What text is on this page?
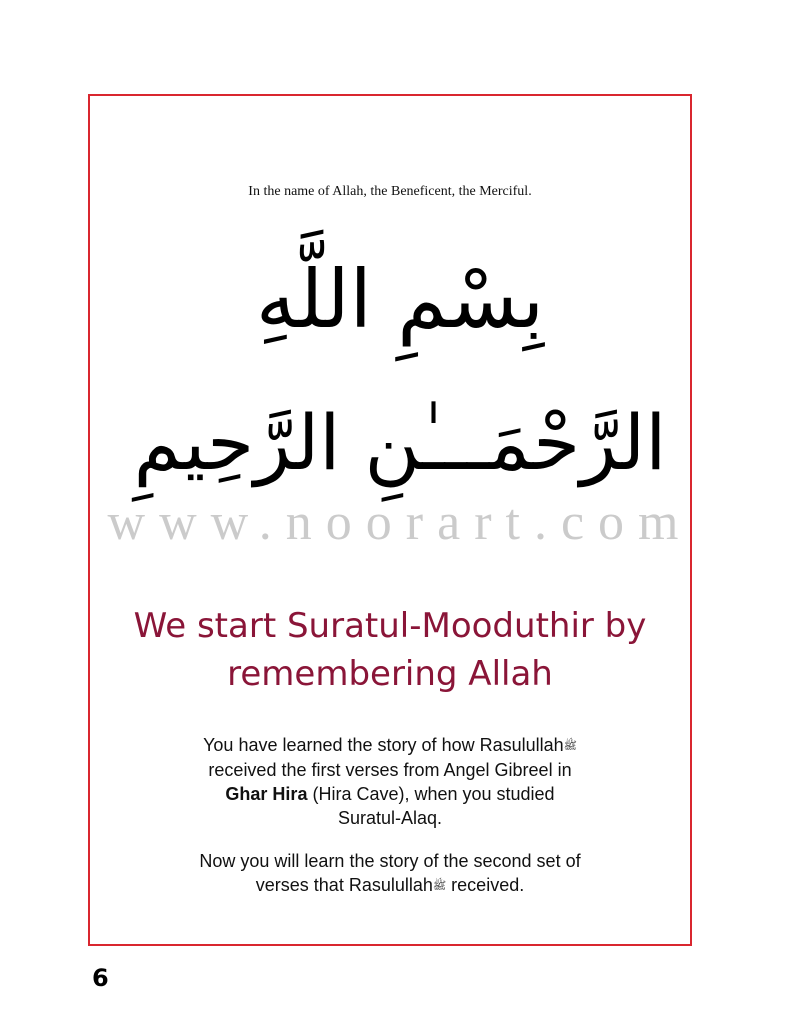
In the name of Allah, the Beneficent, the Merciful.
بِسْمِ اللَّهِ
الرَّحْمَـــٰنِ الرَّحِيمِ
www.noorart.com
We start Suratul-Mooduthir by
remembering Allah
You have learned the story of how Rasulullahﷺ
received the first verses from Angel Gibreel in
Ghar Hira (Hira Cave), when you studied
Suratul-Alaq.
Now you will learn the story of the second set of
verses that Rasulullahﷺ received.
6
